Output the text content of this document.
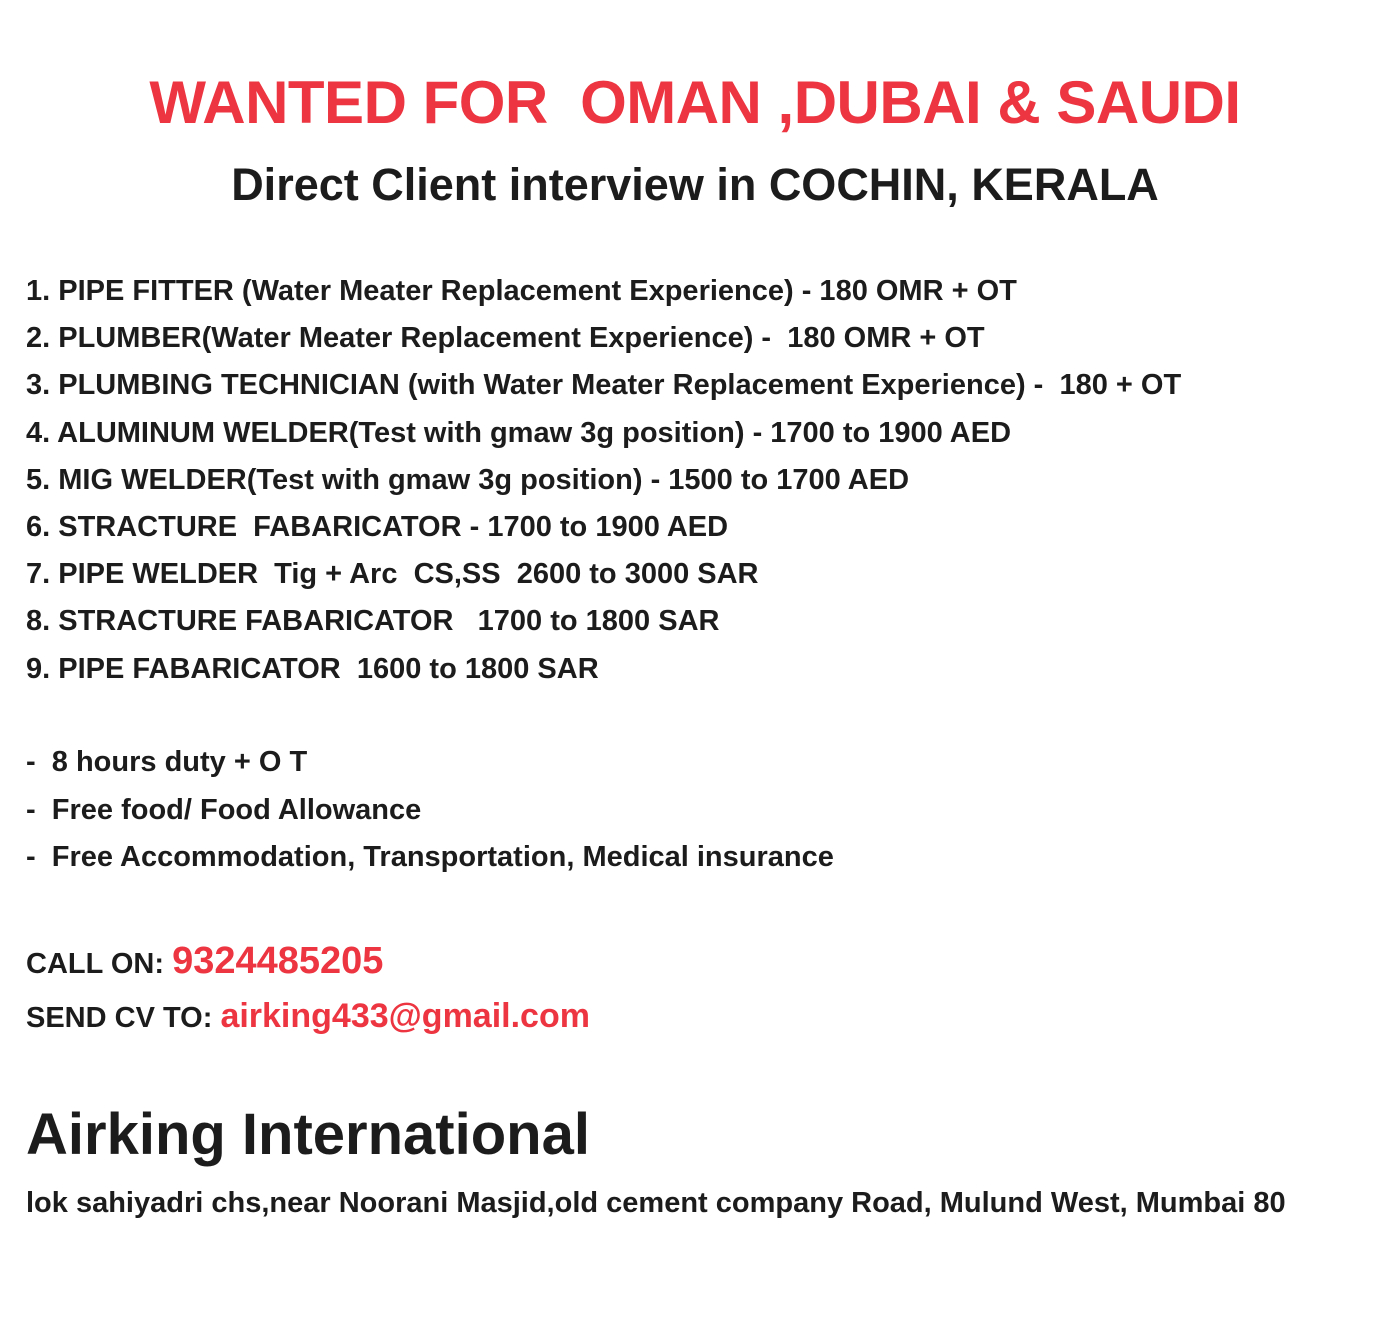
WANTED FOR  OMAN ,DUBAI & SAUDI
Direct Client interview in COCHIN, KERALA
1. PIPE FITTER (Water Meater Replacement Experience) - 180 OMR + OT
2. PLUMBER(Water Meater Replacement Experience) -  180 OMR + OT
3. PLUMBING TECHNICIAN (with Water Meater Replacement Experience) -  180 + OT
4. ALUMINUM WELDER(Test with gmaw 3g position) - 1700 to 1900 AED
5. MIG WELDER(Test with gmaw 3g position) - 1500 to 1700 AED
6. STRACTURE  FABARICATOR - 1700 to 1900 AED
7. PIPE WELDER  Tig + Arc  CS,SS  2600 to 3000 SAR
8. STRACTURE FABARICATOR   1700 to 1800 SAR
9. PIPE FABARICATOR  1600 to 1800 SAR
-  8 hours duty + O T
-  Free food/ Food Allowance
-  Free Accommodation, Transportation, Medical insurance
CALL ON: 9324485205
SEND CV TO: airking433@gmail.com
Airking International
lok sahiyadri chs,near Noorani Masjid,old cement company Road, Mulund West, Mumbai 80
